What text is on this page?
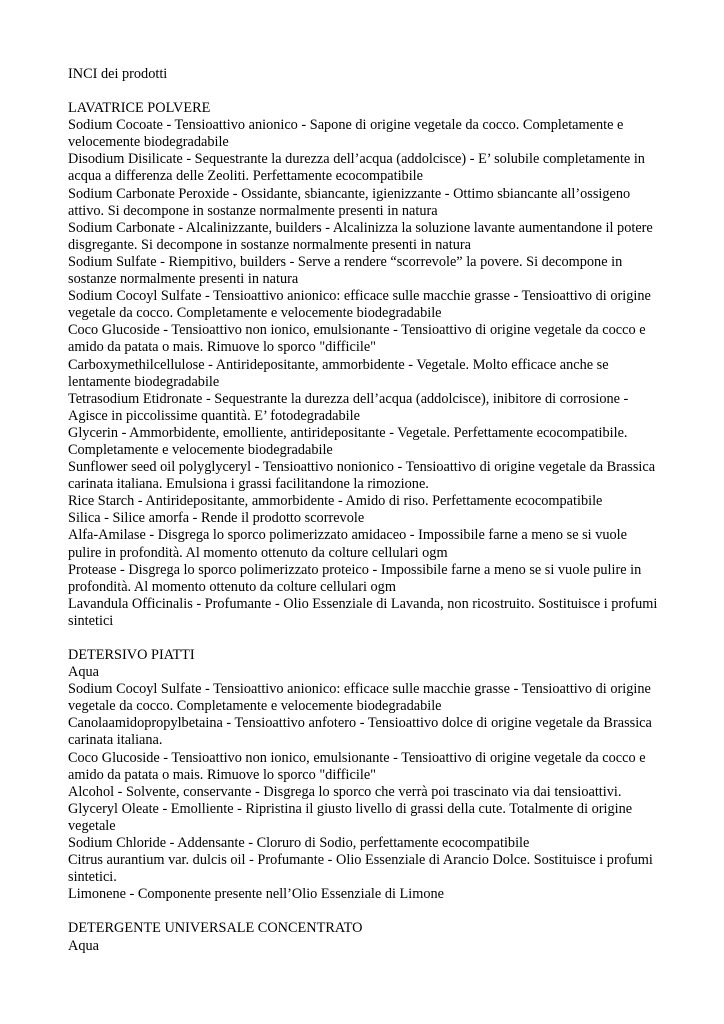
INCI dei prodotti

LAVATRICE POLVERE

Sodium Cocoate - Tensioattivo anionico - Sapone di origine vegetale da cocco. Completamente e velocemente biodegradabile

Disodium Disilicate - Sequestrante la durezza dell’acqua (addolcisce) - E’ solubile completamente in acqua a differenza delle Zeoliti. Perfettamente ecocompatibile

Sodium Carbonate Peroxide - Ossidante, sbiancante, igienizzante - Ottimo sbiancante all’ossigeno attivo. Si decompone in sostanze normalmente presenti in natura

Sodium Carbonate - Alcalinizzante, builders - Alcalinizza la soluzione lavante aumentandone il potere disgregante. Si decompone in sostanze normalmente presenti in natura

Sodium Sulfate - Riempitivo, builders - Serve a rendere “scorrevole” la povere. Si decompone in sostanze normalmente presenti in natura

Sodium Cocoyl Sulfate - Tensioattivo anionico: efficace sulle macchie grasse - Tensioattivo di origine vegetale da cocco. Completamente e velocemente biodegradabile

Coco Glucoside - Tensioattivo non ionico, emulsionante - Tensioattivo di origine vegetale da cocco e amido da patata o mais. Rimuove lo sporco "difficile"

Carboxymethilcellulose - Antiridepositante, ammorbidente - Vegetale. Molto efficace anche se lentamente biodegradabile

Tetrasodium Etidronate - Sequestrante la durezza dell’acqua (addolcisce), inibitore di corrosione - Agisce in piccolissime quantità. E’ fotodegradabile

Glycerin - Ammorbidente, emolliente, antiridepositante - Vegetale. Perfettamente ecocompatibile. Completamente e velocemente biodegradabile

Sunflower seed oil polyglyceryl - Tensioattivo nonionico - Tensioattivo di origine vegetale da Brassica carinata italiana. Emulsiona i grassi facilitandone la rimozione.

Rice Starch - Antiridepositante, ammorbidente - Amido di riso. Perfettamente ecocompatibile

Silica - Silice amorfa - Rende il prodotto scorrevole

Alfa-Amilase - Disgrega lo sporco polimerizzato amidaceo - Impossibile farne a meno se si vuole pulire in profondità. Al momento ottenuto da colture cellulari ogm

Protease - Disgrega lo sporco polimerizzato proteico - Impossibile farne a meno se si vuole pulire in profondità. Al momento ottenuto da colture cellulari ogm

Lavandula Officinalis - Profumante - Olio Essenziale di Lavanda, non ricostruito. Sostituisce i profumi sintetici

DETERSIVO PIATTI

Aqua

Sodium Cocoyl Sulfate - Tensioattivo anionico: efficace sulle macchie grasse - Tensioattivo di origine vegetale da cocco. Completamente e velocemente biodegradabile

Canolaamidopropylbetaina - Tensioattivo anfotero - Tensioattivo dolce di origine vegetale da Brassica carinata italiana.

Coco Glucoside - Tensioattivo non ionico, emulsionante - Tensioattivo di origine vegetale da cocco e amido da patata o mais. Rimuove lo sporco "difficile"

Alcohol - Solvente, conservante - Disgrega lo sporco che verrà poi trascinato via dai tensioattivi.

Glyceryl Oleate - Emolliente - Ripristina il giusto livello di grassi della cute. Totalmente di origine vegetale

Sodium Chloride - Addensante - Cloruro di Sodio, perfettamente ecocompatibile

Citrus aurantium var. dulcis oil - Profumante - Olio Essenziale di Arancio Dolce. Sostituisce i profumi sintetici.

Limonene - Componente presente nell’Olio Essenziale di Limone

DETERGENTE UNIVERSALE CONCENTRATO

Aqua
